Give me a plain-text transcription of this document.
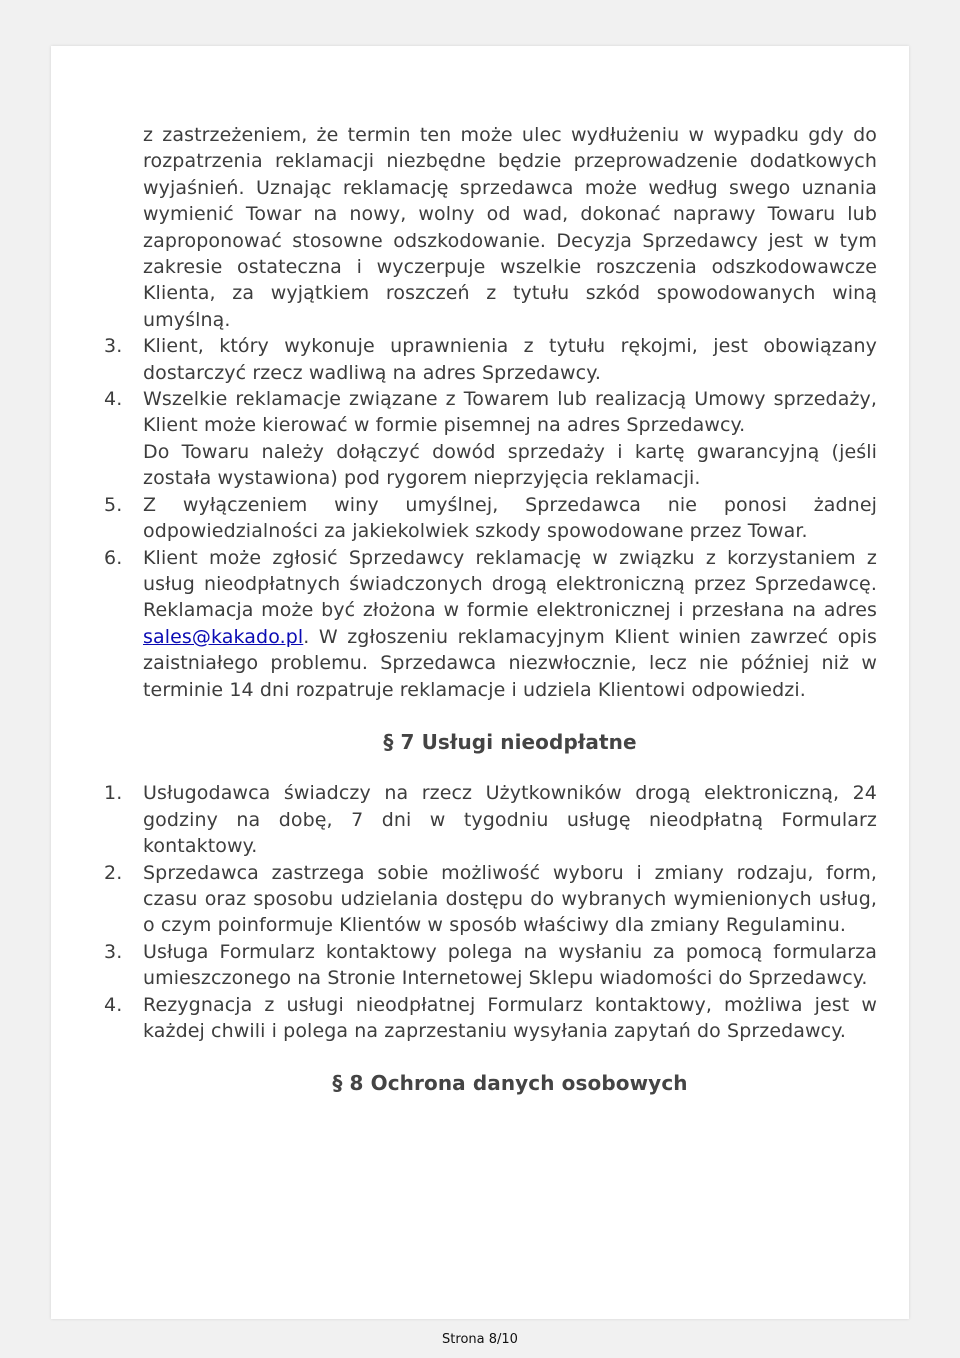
z zastrzeżeniem, że termin ten może ulec wydłużeniu w wypadku gdy do rozpatrzenia reklamacji niezbędne będzie przeprowadzenie dodatkowych wyjaśnień. Uznając reklamację sprzedawca może według swego uznania wymienić Towar na nowy, wolny od wad, dokonać naprawy Towaru lub zaproponować stosowne odszkodowanie. Decyzja Sprzedawcy jest w tym zakresie ostateczna i wyczerpuje wszelkie roszczenia odszkodowawcze Klienta, za wyjątkiem roszczeń z tytułu szkód spowodowanych winą umyślną.

3. Klient, który wykonuje uprawnienia z tytułu rękojmi, jest obowiązany dostarczyć rzecz wadliwą na adres Sprzedawcy.

4. Wszelkie reklamacje związane z Towarem lub realizacją Umowy sprzedaży, Klient może kierować w formie pisemnej na adres Sprzedawcy.

Do Towaru należy dołączyć dowód sprzedaży i kartę gwarancyjną (jeśli została wystawiona) pod rygorem nieprzyjęcia reklamacji.

5. Z wyłączeniem winy umyślnej, Sprzedawca nie ponosi żadnej odpowiedzialności za jakiekolwiek szkody spowodowane przez Towar.

6. Klient może zgłosić Sprzedawcy reklamację w związku z korzystaniem z usług nieodpłatnych świadczonych drogą elektroniczną przez Sprzedawcę. Reklamacja może być złożona w formie elektronicznej i przesłana na adres sales@kakado.pl. W zgłoszeniu reklamacyjnym Klient winien zawrzeć opis zaistniałego problemu. Sprzedawca niezwłocznie, lecz nie później niż w terminie 14 dni rozpatruje reklamacje i udziela Klientowi odpowiedzi.

§ 7 Usługi nieodpłatne

1. Usługodawca świadczy na rzecz Użytkowników drogą elektroniczną, 24 godziny na dobę, 7 dni w tygodniu usługę nieodpłatną Formularz kontaktowy.

2. Sprzedawca zastrzega sobie możliwość wyboru i zmiany rodzaju, form, czasu oraz sposobu udzielania dostępu do wybranych wymienionych usług, o czym poinformuje Klientów w sposób właściwy dla zmiany Regulaminu.

3. Usługa Formularz kontaktowy polega na wysłaniu za pomocą formularza umieszczonego na Stronie Internetowej Sklepu wiadomości do Sprzedawcy.

4. Rezygnacja z usługi nieodpłatnej Formularz kontaktowy, możliwa jest w każdej chwili i polega na zaprzestaniu wysyłania zapytań do Sprzedawcy.

§ 8 Ochrona danych osobowych

Strona 8/10
